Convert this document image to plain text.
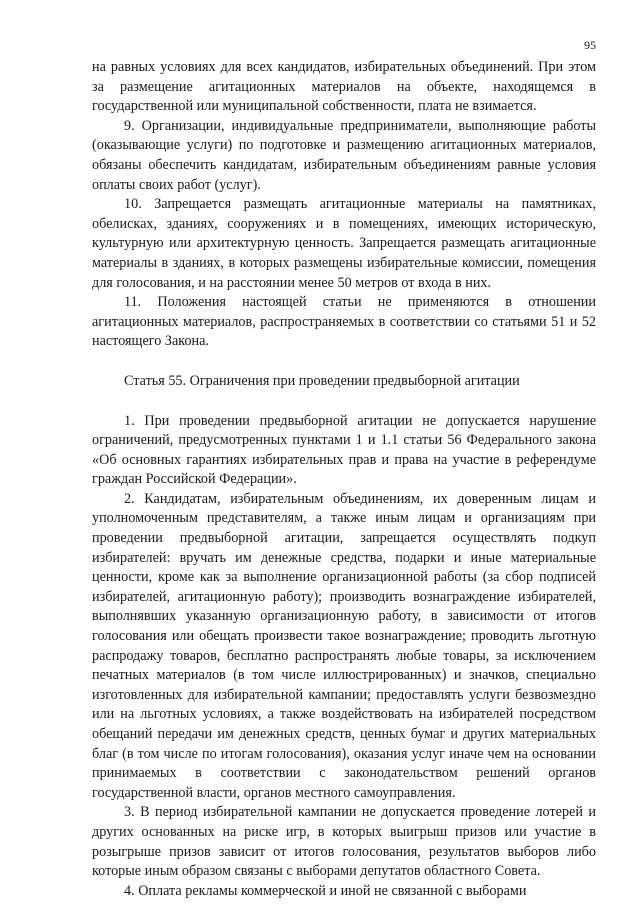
95

на равных условиях для всех кандидатов, избирательных объединений. При этом за размещение агитационных материалов на объекте, находящемся в государственной или муниципальной собственности, плата не взимается.

9. Организации, индивидуальные предприниматели, выполняющие работы (оказывающие услуги) по подготовке и размещению агитационных материалов, обязаны обеспечить кандидатам, избирательным объединениям равные условия оплаты своих работ (услуг).

10. Запрещается размещать агитационные материалы на памятниках, обелисках, зданиях, сооружениях и в помещениях, имеющих историческую, культурную или архитектурную ценность. Запрещается размещать агитационные материалы в зданиях, в которых размещены избирательные комиссии, помещения для голосования, и на расстоянии менее 50 метров от входа в них.

11. Положения настоящей статьи не применяются в отношении агитационных материалов, распространяемых в соответствии со статьями 51 и 52 настоящего Закона.

Статья 55. Ограничения при проведении предвыборной агитации

1. При проведении предвыборной агитации не допускается нарушение ограничений, предусмотренных пунктами 1 и 1.1 статьи 56 Федерального закона «Об основных гарантиях избирательных прав и права на участие в референдуме граждан Российской Федерации».

2. Кандидатам, избирательным объединениям, их доверенным лицам и уполномоченным представителям, а также иным лицам и организациям при проведении предвыборной агитации, запрещается осуществлять подкуп избирателей: вручать им денежные средства, подарки и иные материальные ценности, кроме как за выполнение организационной работы (за сбор подписей избирателей, агитационную работу); производить вознаграждение избирателей, выполнявших указанную организационную работу, в зависимости от итогов голосования или обещать произвести такое вознаграждение; проводить льготную распродажу товаров, бесплатно распространять любые товары, за исключением печатных материалов (в том числе иллюстрированных) и значков, специально изготовленных для избирательной кампании; предоставлять услуги безвозмездно или на льготных условиях, а также воздействовать на избирателей посредством обещаний передачи им денежных средств, ценных бумаг и других материальных благ (в том числе по итогам голосования), оказания услуг иначе чем на основании принимаемых в соответствии с законодательством решений органов государственной власти, органов местного самоуправления.

3. В период избирательной кампании не допускается проведение лотерей и других основанных на риске игр, в которых выигрыш призов или участие в розыгрыше призов зависит от итогов голосования, результатов выборов либо которые иным образом связаны с выборами депутатов областного Совета.

4. Оплата рекламы коммерческой и иной не связанной с выборами
